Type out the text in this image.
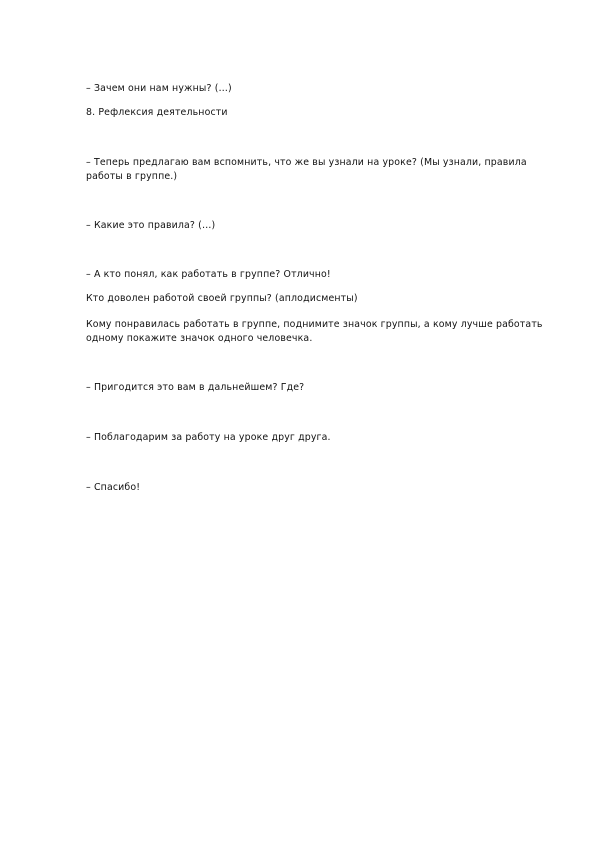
– Зачем они нам нужны? (…)
8. Рефлексия деятельности
– Теперь предлагаю вам вспомнить, что же вы узнали на уроке? (Мы узнали, правила работы в группе.)
– Какие это правила? (…)
– А кто понял, как работать в группе? Отлично!
Кто доволен работой своей группы? (аплодисменты)
Кому понравилась работать в группе, поднимите значок группы, а кому лучше работать одному покажите значок одного человечка.
– Пригодится это вам в дальнейшем? Где?
– Поблагодарим за работу на уроке друг друга.
– Спасибо!
